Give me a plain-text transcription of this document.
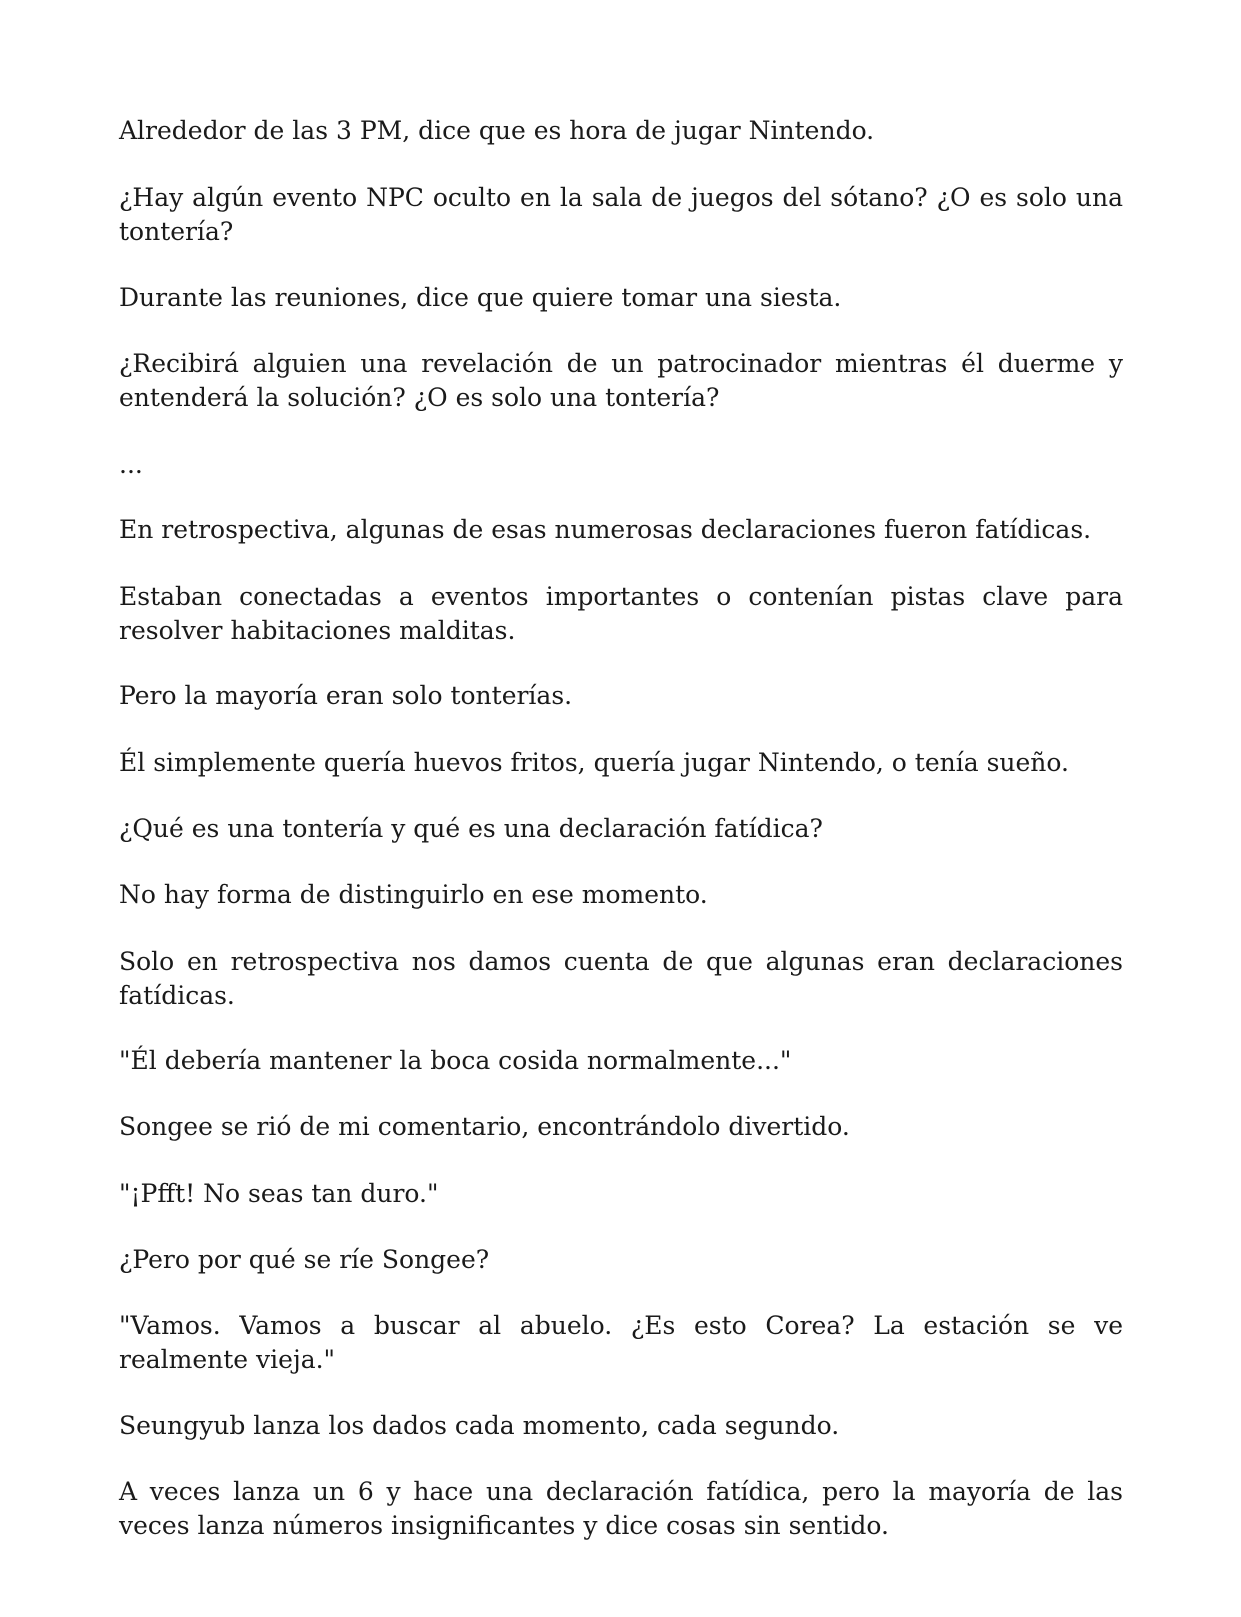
Alrededor de las 3 PM, dice que es hora de jugar Nintendo.

¿Hay algún evento NPC oculto en la sala de juegos del sótano? ¿O es solo una tontería?

Durante las reuniones, dice que quiere tomar una siesta.

¿Recibirá alguien una revelación de un patrocinador mientras él duerme y entenderá la solución? ¿O es solo una tontería?

...

En retrospectiva, algunas de esas numerosas declaraciones fueron fatídicas.

Estaban conectadas a eventos importantes o contenían pistas clave para resolver habitaciones malditas.

Pero la mayoría eran solo tonterías.

Él simplemente quería huevos fritos, quería jugar Nintendo, o tenía sueño.

¿Qué es una tontería y qué es una declaración fatídica?

No hay forma de distinguirlo en ese momento.

Solo en retrospectiva nos damos cuenta de que algunas eran declaraciones fatídicas.

"Él debería mantener la boca cosida normalmente..."

Songee se rió de mi comentario, encontrándolo divertido.

"¡Pfft! No seas tan duro."

¿Pero por qué se ríe Songee?

"Vamos. Vamos a buscar al abuelo. ¿Es esto Corea? La estación se ve realmente vieja."

Seungyub lanza los dados cada momento, cada segundo.

A veces lanza un 6 y hace una declaración fatídica, pero la mayoría de las veces lanza números insignificantes y dice cosas sin sentido.
